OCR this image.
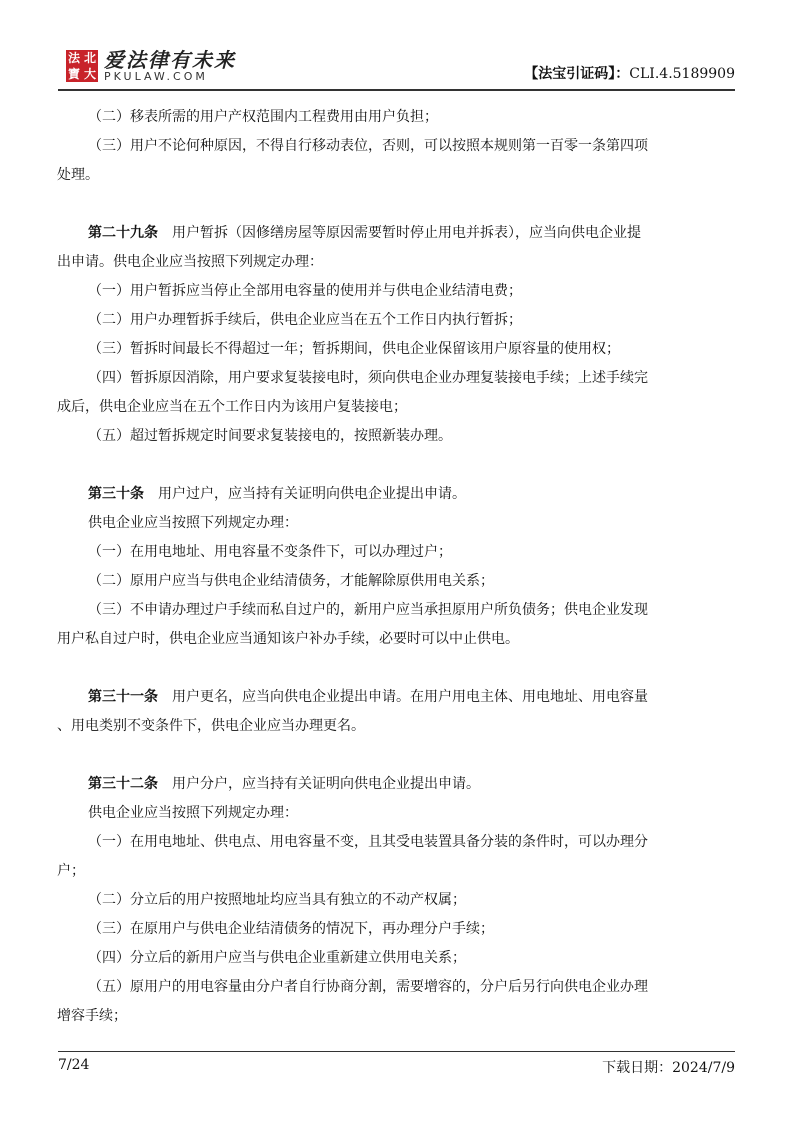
法 北
寶 大
爱法律有未来
PKULAW.COM	【法宝引证码】：CLI.4.5189909

（二）移表所需的用户产权范围内工程费用由用户负担；

（三）用户不论何种原因，不得自行移动表位，否则，可以按照本规则第一百零一条第四项

处理。

第二十九条 用户暂拆（因修缮房屋等原因需要暂时停止用电并拆表），应当向供电企业提

出申请。供电企业应当按照下列规定办理：

（一）用户暂拆应当停止全部用电容量的使用并与供电企业结清电费；

（二）用户办理暂拆手续后，供电企业应当在五个工作日内执行暂拆；

（三）暂拆时间最长不得超过一年；暂拆期间，供电企业保留该用户原容量的使用权；

（四）暂拆原因消除，用户要求复装接电时，须向供电企业办理复装接电手续；上述手续完

成后，供电企业应当在五个工作日内为该用户复装接电；

（五）超过暂拆规定时间要求复装接电的，按照新装办理。

第三十条 用户过户，应当持有关证明向供电企业提出申请。

供电企业应当按照下列规定办理：

（一）在用电地址、用电容量不变条件下，可以办理过户；

（二）原用户应当与供电企业结清债务，才能解除原供用电关系；

（三）不申请办理过户手续而私自过户的，新用户应当承担原用户所负债务；供电企业发现

用户私自过户时，供电企业应当通知该户补办手续，必要时可以中止供电。

第三十一条 用户更名，应当向供电企业提出申请。在用户用电主体、用电地址、用电容量

、用电类别不变条件下，供电企业应当办理更名。

第三十二条 用户分户，应当持有关证明向供电企业提出申请。

供电企业应当按照下列规定办理：

（一）在用电地址、供电点、用电容量不变，且其受电装置具备分装的条件时，可以办理分

户；

（二）分立后的用户按照地址均应当具有独立的不动产权属；

（三）在原用户与供电企业结清债务的情况下，再办理分户手续；

（四）分立后的新用户应当与供电企业重新建立供用电关系；

（五）原用户的用电容量由分户者自行协商分割，需要增容的，分户后另行向供电企业办理

增容手续；

7/24	下载日期：2024/7/9
